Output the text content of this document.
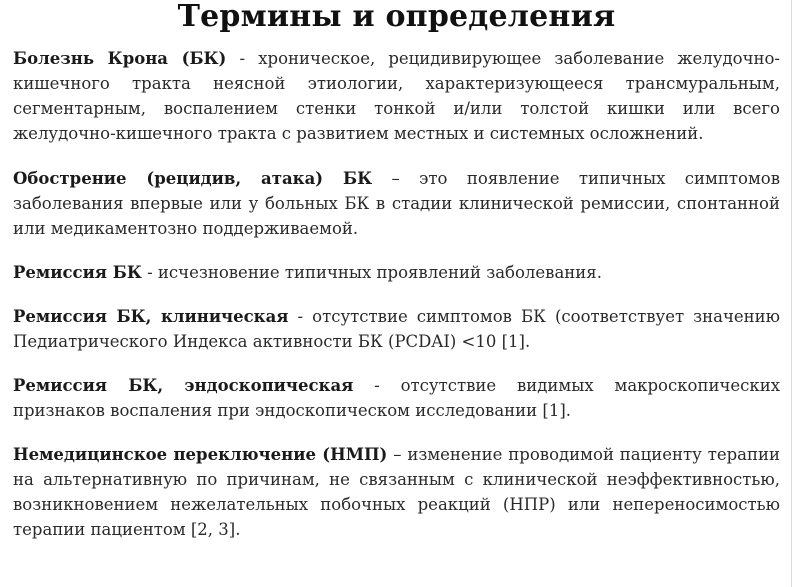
Термины и определения

Болезнь Крона (БК) - хроническое, рецидивирующее заболевание желудочно-кишечного тракта неясной этиологии, характеризующееся трансмуральным, сегментарным, воспалением стенки тонкой и/или толстой кишки или всего желудочно-кишечного тракта с развитием местных и системных осложнений.

Обострение (рецидив, атака) БК – это появление типичных симптомов заболевания впервые или у больных БК в стадии клинической ремиссии, спонтанной или медикаментозно поддерживаемой.

Ремиссия БК - исчезновение типичных проявлений заболевания.

Ремиссия БК, клиническая - отсутствие симптомов БК (соответствует значению Педиатрического Индекса активности БК (PCDAI) <10 [1].

Ремиссия БК, эндоскопическая - отсутствие видимых макроскопических признаков воспаления при эндоскопическом исследовании [1].

Немедицинское переключение (НМП) – изменение проводимой пациенту терапии на альтернативную по причинам, не связанным с клинической неэффективностью, возникновением нежелательных побочных реакций (НПР) или непереносимостью терапии пациентом [2, 3].
